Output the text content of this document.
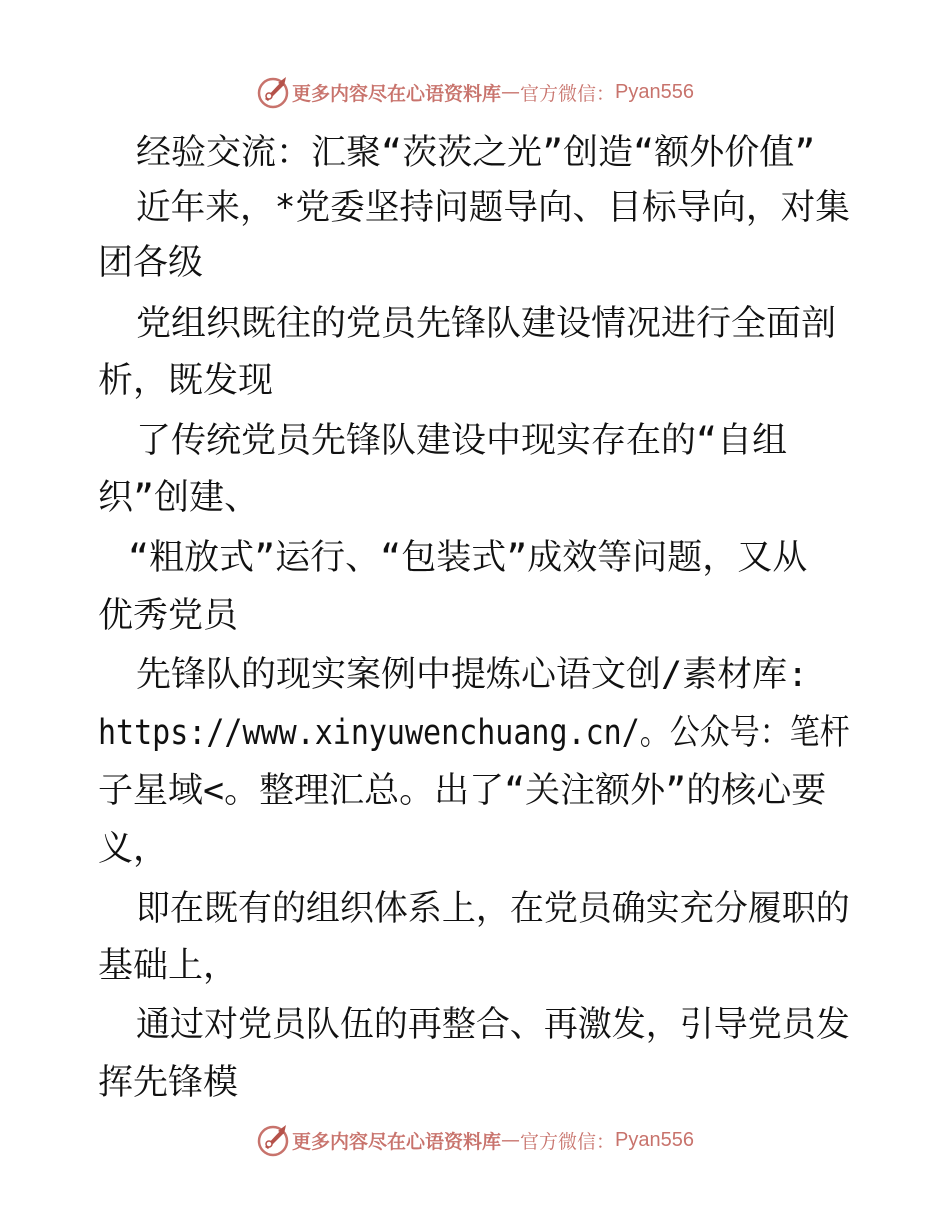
更多内容尽在心语资料库 — 官方微信： Pyan556
经验交流：汇聚“茨茨之光”创造“额外价值”
近年来，*党委坚持问题导向、目标导向，对集
团各级
党组织既往的党员先锋队建设情况进行全面剖
析，既发现
了传统党员先锋队建设中现实存在的“自组
织”创建、
“粗放式”运行、“包装式”成效等问题，又从
优秀党员
先锋队的现实案例中提炼心语文创/素材库:
https://www.xinyuwenchuang.cn/。公众号：笔杆
子星域<。整理汇总。出了“关注额外”的核心要
义，
即在既有的组织体系上，在党员确实充分履职的
基础上，
通过对党员队伍的再整合、再激发，引导党员发
挥先锋模
更多内容尽在心语资料库 — 官方微信： Pyan556
